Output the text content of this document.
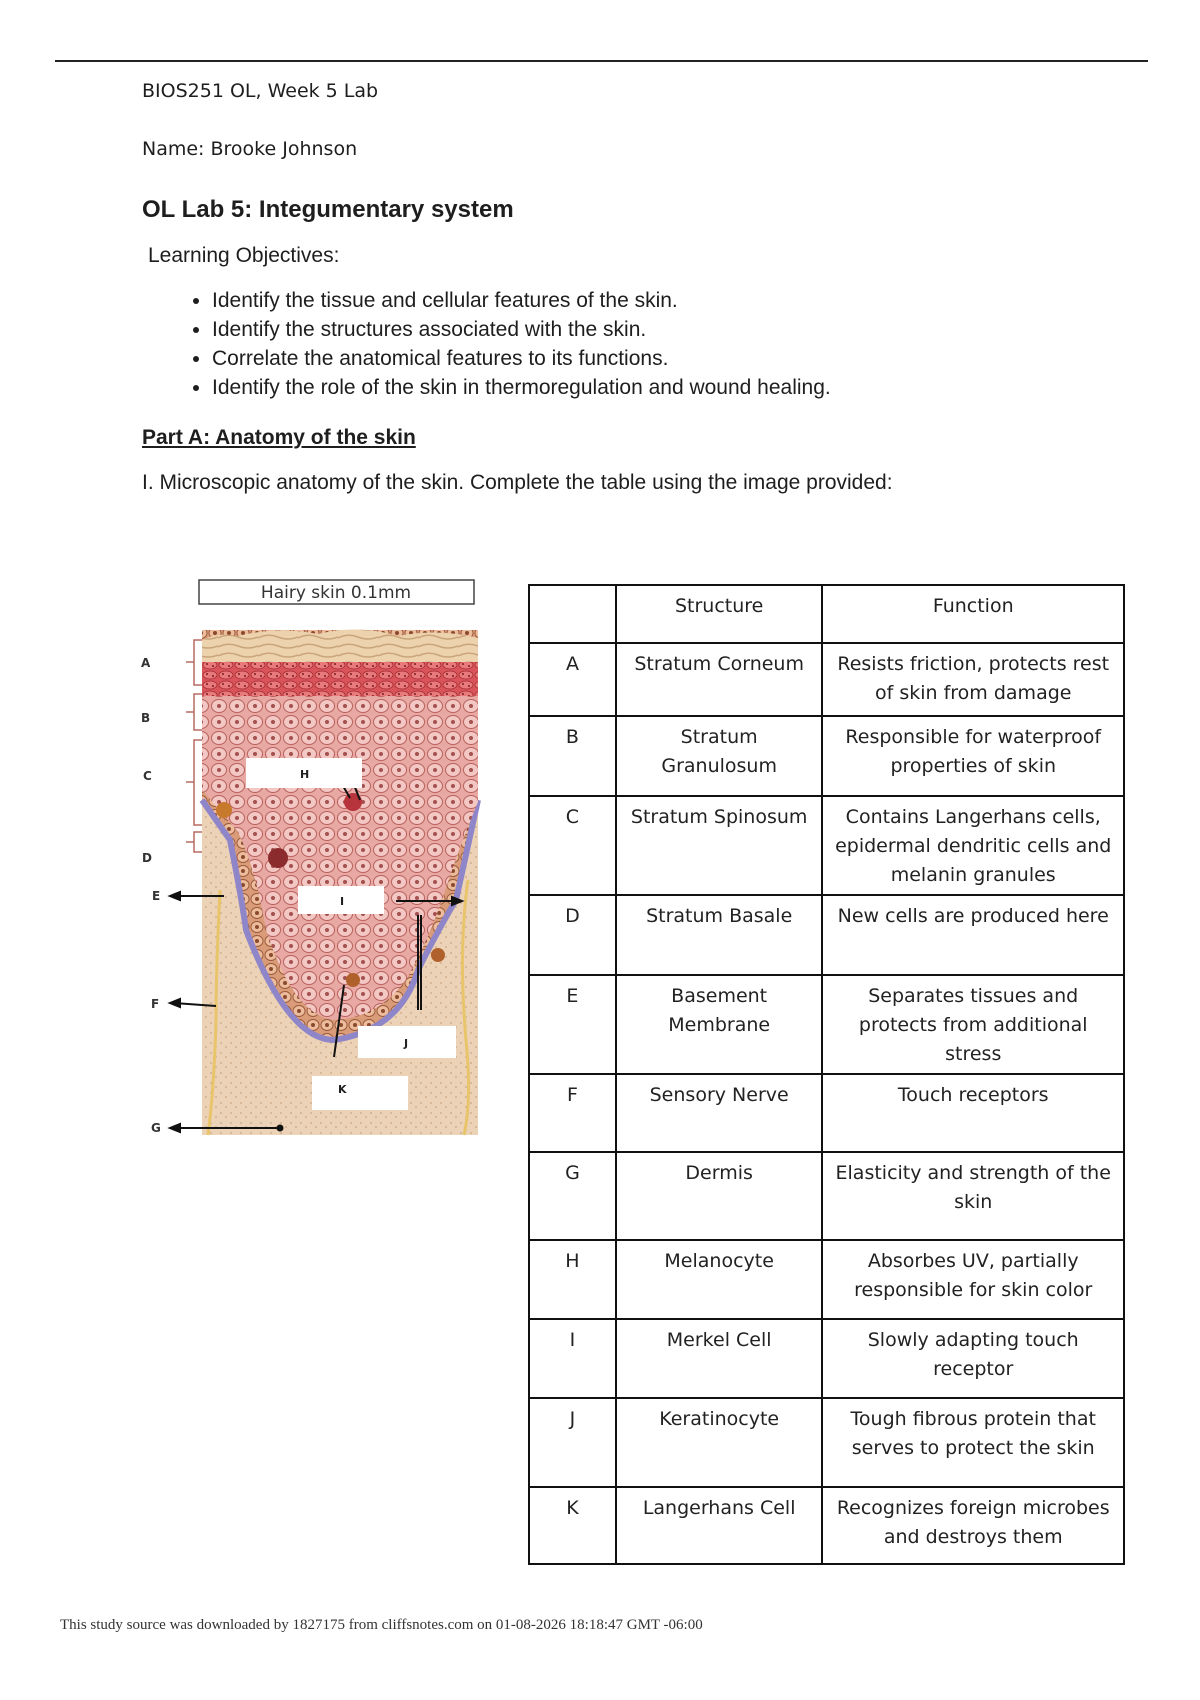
BIOS251 OL, Week 5 Lab
Name: Brooke Johnson
OL Lab 5: Integumentary system
Learning Objectives:
• Identify the tissue and cellular features of the skin.
• Identify the structures associated with the skin.
• Correlate the anatomical features to its functions.
• Identify the role of the skin in thermoregulation and wound healing.
Part A: Anatomy of the skin
I. Microscopic anatomy of the skin. Complete the table using the image provided:
A
B
C
D
E
F
G
H
I
J
K
Hairy skin 0.1mm
	Structure	Function
A	Stratum Corneum	Resists friction, protects rest of skin from damage
B	Stratum Granulosum	Responsible for waterproof properties of skin
C	Stratum Spinosum	Contains Langerhans cells, epidermal dendritic cells and melanin granules
D	Stratum Basale	New cells are produced here
E	Basement Membrane	Separates tissues and protects from additional stress
F	Sensory Nerve	Touch receptors
G	Dermis	Elasticity and strength of the skin
H	Melanocyte	Absorbes UV, partially responsible for skin color
I	Merkel Cell	Slowly adapting touch receptor
J	Keratinocyte	Tough fibrous protein that serves to protect the skin
K	Langerhans Cell	Recognizes foreign microbes and destroys them
This study source was downloaded by 1827175 from cliffsnotes.com on 01-08-2026 18:18:47 GMT -06:00
